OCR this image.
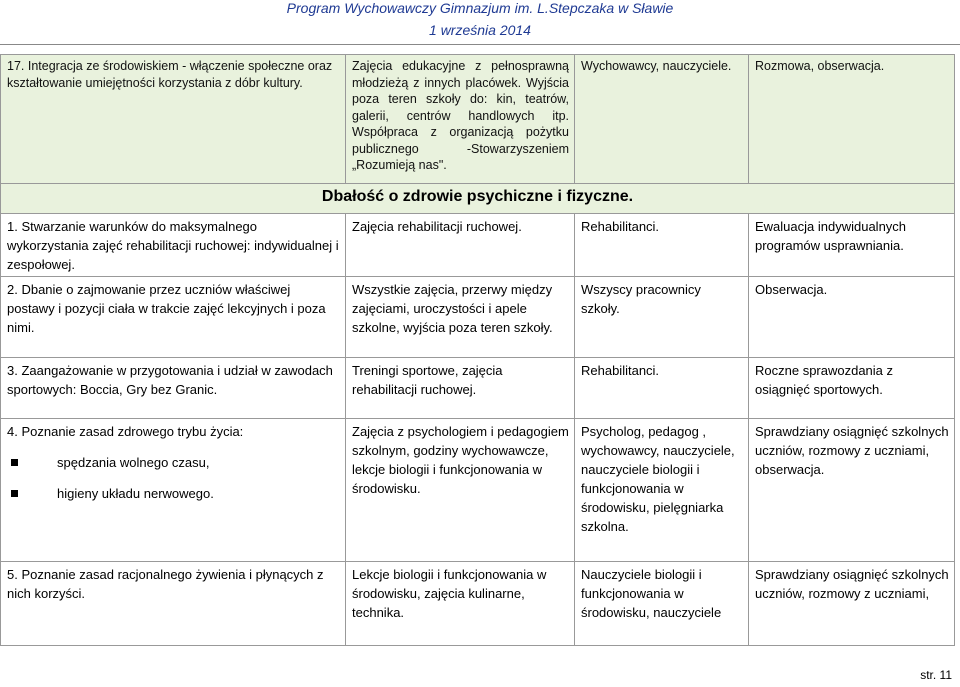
Program Wychowawczy Gimnazjum im. L.Stepczaka w Sławie
1 września 2014
17. Integracja ze środowiskiem - włączenie społeczne oraz kształtowanie umiejętności korzystania z dóbr kultury.	Zajęcia edukacyjne z pełnosprawną młodzieżą z innych placówek. Wyjścia poza teren szkoły do: kin, teatrów, galerii, centrów handlowych itp. Współpraca z organizacją pożytku publicznego -Stowarzyszeniem „Rozumieją nas".	Wychowawcy, nauczyciele.	Rozmowa, obserwacja.
Dbałość o zdrowie psychiczne i fizyczne.			
1. Stwarzanie warunków do maksymalnego wykorzystania zajęć rehabilitacji ruchowej: indywidualnej i zespołowej.	Zajęcia rehabilitacji ruchowej.	Rehabilitanci.	Ewaluacja indywidualnych programów usprawniania.
2. Dbanie o zajmowanie przez uczniów właściwej postawy i pozycji ciała w trakcie zajęć lekcyjnych i poza nimi.	Wszystkie zajęcia, przerwy między zajęciami, uroczystości i apele szkolne, wyjścia poza teren szkoły.	Wszyscy pracownicy szkoły.	Obserwacja.
3. Zaangażowanie w przygotowania i udział w zawodach sportowych: Boccia, Gry bez Granic.	Treningi sportowe, zajęcia rehabilitacji ruchowej.	Rehabilitanci.	Roczne sprawozdania z osiągnięć sportowych.

4. Poznanie zasad zdrowego trybu życia:
spędzania wolnego czasu,
higieny układu nerwowego.	Zajęcia z psychologiem i pedagogiem szkolnym, godziny wychowawcze, lekcje biologii i funkcjonowania w środowisku.	Psycholog, pedagog , wychowawcy, nauczyciele, nauczyciele biologii i funkcjonowania w środowisku, pielęgniarka szkolna.	Sprawdziany osiągnięć szkolnych uczniów, rozmowy z uczniami, obserwacja.
5. Poznanie zasad racjonalnego żywienia i płynących z nich korzyści.	Lekcje biologii i funkcjonowania w środowisku, zajęcia kulinarne, technika.	Nauczyciele biologii i funkcjonowania w środowisku, nauczyciele	Sprawdziany osiągnięć szkolnych uczniów, rozmowy z uczniami,
str. 11
